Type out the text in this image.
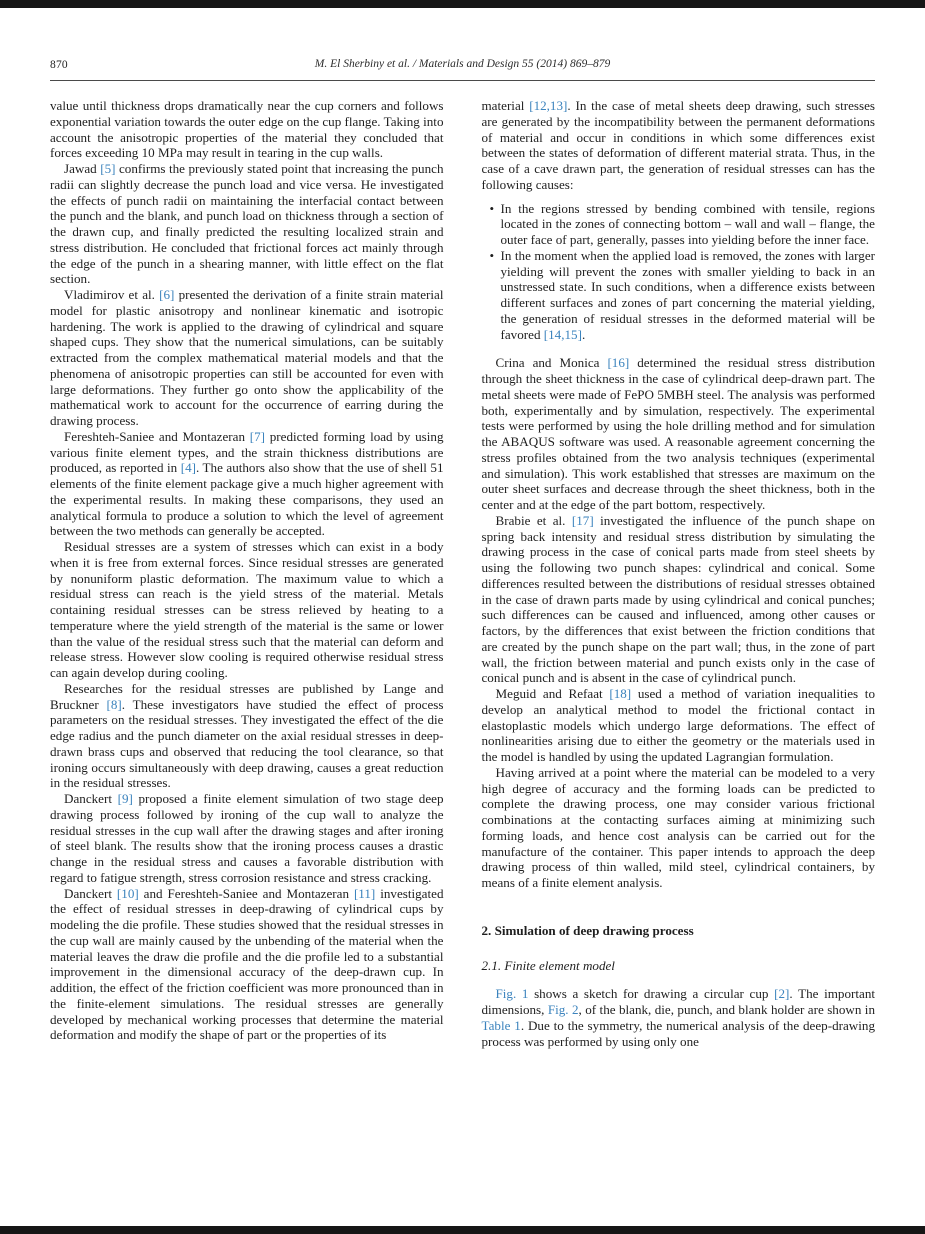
870	M. El Sherbiny et al. / Materials and Design 55 (2014) 869–879

value until thickness drops dramatically near the cup corners and follows exponential variation towards the outer edge on the cup flange. Taking into account the anisotropic properties of the material they concluded that forces exceeding 10 MPa may result in tearing in the cup walls.

Jawad [5] confirms the previously stated point that increasing the punch radii can slightly decrease the punch load and vice versa. He investigated the effects of punch radii on maintaining the interfacial contact between the punch and the blank, and punch load on thickness through a section of the drawn cup, and finally predicted the resulting localized strain and stress distribution. He concluded that frictional forces act mainly through the edge of the punch in a shearing manner, with little effect on the flat section.

Vladimirov et al. [6] presented the derivation of a finite strain material model for plastic anisotropy and nonlinear kinematic and isotropic hardening. The work is applied to the drawing of cylindrical and square shaped cups. They show that the numerical simulations, can be suitably extracted from the complex mathematical material models and that the phenomena of anisotropic properties can still be accounted for even with large deformations. They further go onto show the applicability of the mathematical work to account for the occurrence of earring during the drawing process.

Fereshteh-Saniee and Montazeran [7] predicted forming load by using various finite element types, and the strain thickness distributions are produced, as reported in [4]. The authors also show that the use of shell 51 elements of the finite element package give a much higher agreement with the experimental results. In making these comparisons, they used an analytical formula to produce a solution to which the level of agreement between the two methods can generally be accepted.

Residual stresses are a system of stresses which can exist in a body when it is free from external forces. Since residual stresses are generated by nonuniform plastic deformation. The maximum value to which a residual stress can reach is the yield stress of the material. Metals containing residual stresses can be stress relieved by heating to a temperature where the yield strength of the material is the same or lower than the value of the residual stress such that the material can deform and release stress. However slow cooling is required otherwise residual stress can again develop during cooling.

Researches for the residual stresses are published by Lange and Bruckner [8]. These investigators have studied the effect of process parameters on the residual stresses. They investigated the effect of the die edge radius and the punch diameter on the axial residual stresses in deep-drawn brass cups and observed that reducing the tool clearance, so that ironing occurs simultaneously with deep drawing, causes a great reduction in the residual stresses.

Danckert [9] proposed a finite element simulation of two stage deep drawing process followed by ironing of the cup wall to analyze the residual stresses in the cup wall after the drawing stages and after ironing of steel blank. The results show that the ironing process causes a drastic change in the residual stress and causes a favorable distribution with regard to fatigue strength, stress corrosion resistance and stress cracking.

Danckert [10] and Fereshteh-Saniee and Montazeran [11] investigated the effect of residual stresses in deep-drawing of cylindrical cups by modeling the die profile. These studies showed that the residual stresses in the cup wall are mainly caused by the unbending of the material when the material leaves the draw die profile and the die profile led to a substantial improvement in the dimensional accuracy of the deep-drawn cup. In addition, the effect of the friction coefficient was more pronounced than in the finite-element simulations. The residual stresses are generally developed by mechanical working processes that determine the material deformation and modify the shape of part or the properties of its

material [12,13]. In the case of metal sheets deep drawing, such stresses are generated by the incompatibility between the permanent deformations of material and occur in conditions in which some differences exist between the states of deformation of different material strata. Thus, in the case of a cave drawn part, the generation of residual stresses can has the following causes:

• In the regions stressed by bending combined with tensile, regions located in the zones of connecting bottom – wall and wall – flange, the outer face of part, generally, passes into yielding before the inner face.
• In the moment when the applied load is removed, the zones with larger yielding will prevent the zones with smaller yielding to back in an unstressed state. In such conditions, when a difference exists between different surfaces and zones of part concerning the material yielding, the generation of residual stresses in the deformed material will be favored [14,15].

Crina and Monica [16] determined the residual stress distribution through the sheet thickness in the case of cylindrical deep-drawn part. The metal sheets were made of FePO 5MBH steel. The analysis was performed both, experimentally and by simulation, respectively. The experimental tests were performed by using the hole drilling method and for simulation the ABAQUS software was used. A reasonable agreement concerning the stress profiles obtained from the two analysis techniques (experimental and simulation). This work established that stresses are maximum on the outer sheet surfaces and decrease through the sheet thickness, both in the center and at the edge of the part bottom, respectively.

Brabie et al. [17] investigated the influence of the punch shape on spring back intensity and residual stress distribution by simulating the drawing process in the case of conical parts made from steel sheets by using the following two punch shapes: cylindrical and conical. Some differences resulted between the distributions of residual stresses obtained in the case of drawn parts made by using cylindrical and conical punches; such differences can be caused and influenced, among other causes or factors, by the differences that exist between the friction conditions that are created by the punch shape on the part wall; thus, in the zone of part wall, the friction between material and punch exists only in the case of conical punch and is absent in the case of cylindrical punch.

Meguid and Refaat [18] used a method of variation inequalities to develop an analytical method to model the frictional contact in elastoplastic models which undergo large deformations. The effect of nonlinearities arising due to either the geometry or the materials used in the model is handled by using the updated Lagrangian formulation.

Having arrived at a point where the material can be modeled to a very high degree of accuracy and the forming loads can be predicted to complete the drawing process, one may consider various frictional combinations at the contacting surfaces aiming at minimizing such forming loads, and hence cost analysis can be carried out for the manufacture of the container. This paper intends to approach the deep drawing process of thin walled, mild steel, cylindrical containers, by means of a finite element analysis.

2. Simulation of deep drawing process

2.1. Finite element model

Fig. 1 shows a sketch for drawing a circular cup [2]. The important dimensions, Fig. 2, of the blank, die, punch, and blank holder are shown in Table 1. Due to the symmetry, the numerical analysis of the deep-drawing process was performed by using only one
